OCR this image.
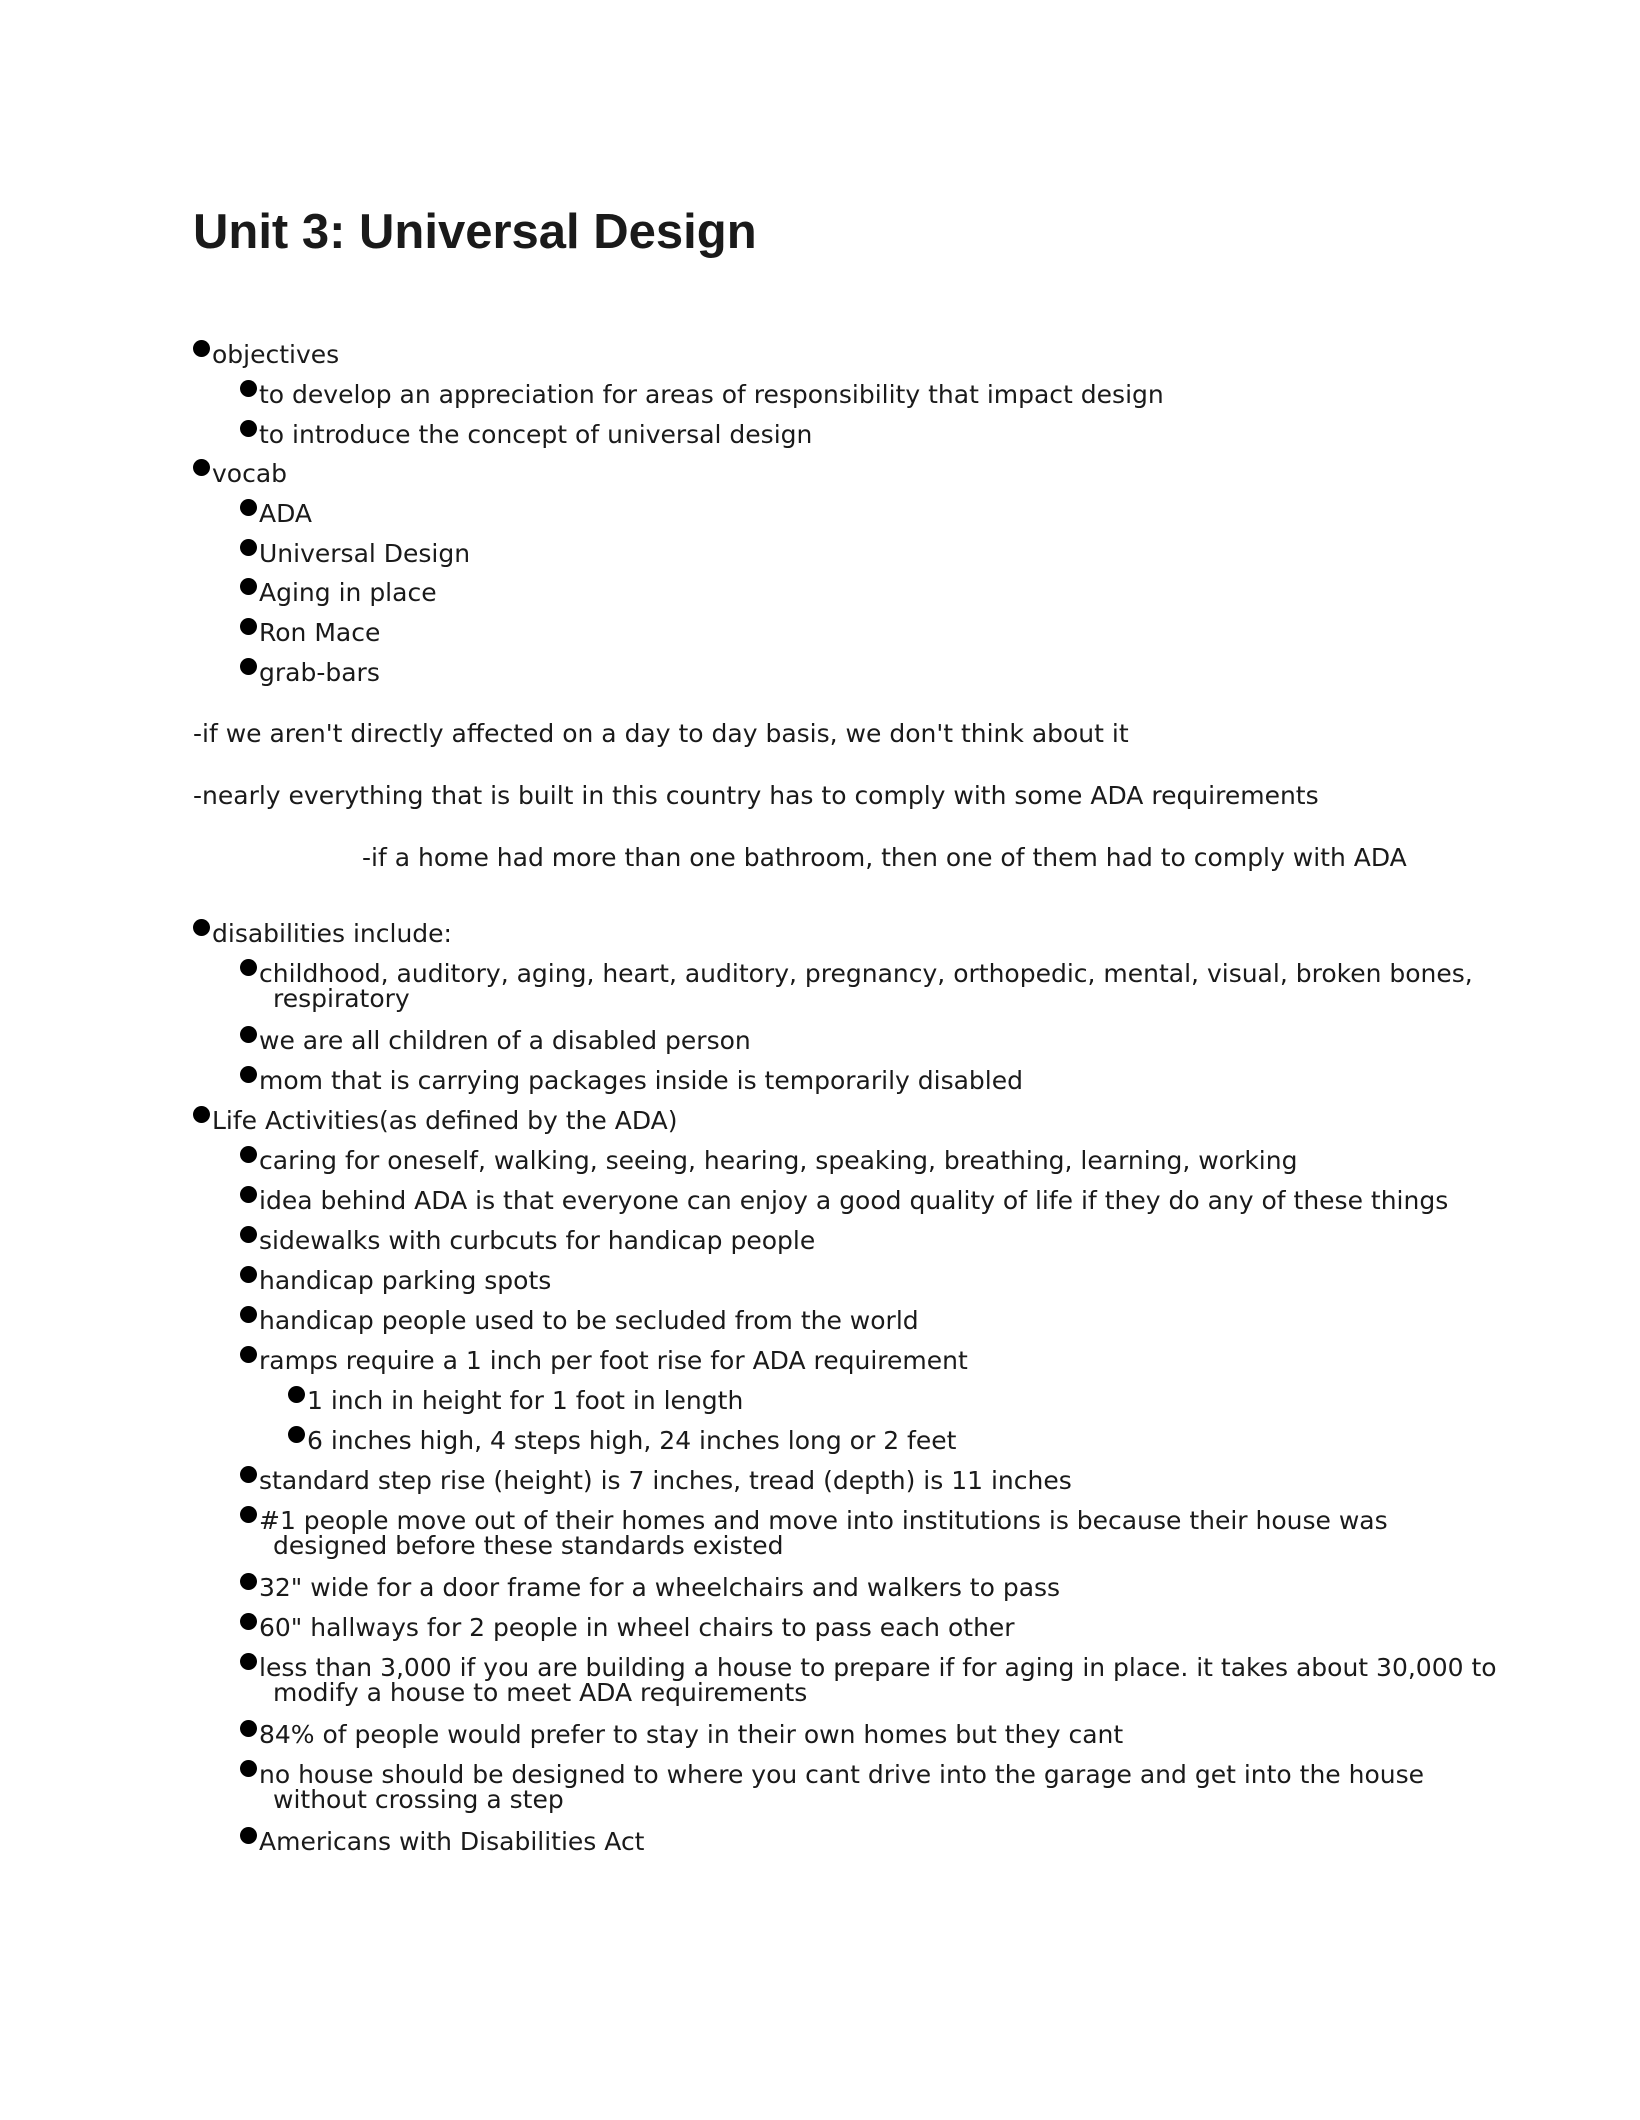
Unit 3: Universal Design
objectives
to develop an appreciation for areas of responsibility that impact design
to introduce the concept of universal design
vocab
ADA
Universal Design
Aging in place
Ron Mace
grab-bars
-if we aren't directly affected on a day to day basis, we don't think about it
-nearly everything that is built in this country has to comply with some ADA requirements
-if a home had more than one bathroom, then one of them had to comply with ADA
disabilities include:
childhood, auditory, aging, heart, auditory, pregnancy, orthopedic, mental, visual, broken bones,
respiratory
we are all children of a disabled person
mom that is carrying packages inside is temporarily disabled
Life Activities(as defined by the ADA)
caring for oneself, walking, seeing, hearing, speaking, breathing, learning, working
idea behind ADA is that everyone can enjoy a good quality of life if they do any of these things
sidewalks with curbcuts for handicap people
handicap parking spots
handicap people used to be secluded from the world
ramps require a 1 inch per foot rise for ADA requirement
1 inch in height for 1 foot in length
6 inches high, 4 steps high, 24 inches long or 2 feet
standard step rise (height) is 7 inches, tread (depth) is 11 inches
#1 people move out of their homes and move into institutions is because their house was
designed before these standards existed
32" wide for a door frame for a wheelchairs and walkers to pass
60" hallways for 2 people in wheel chairs to pass each other
less than 3,000 if you are building a house to prepare if for aging in place. it takes about 30,000 to
modify a house to meet ADA requirements
84% of people would prefer to stay in their own homes but they cant
no house should be designed to where you cant drive into the garage and get into the house
without crossing a step
Americans with Disabilities Act
